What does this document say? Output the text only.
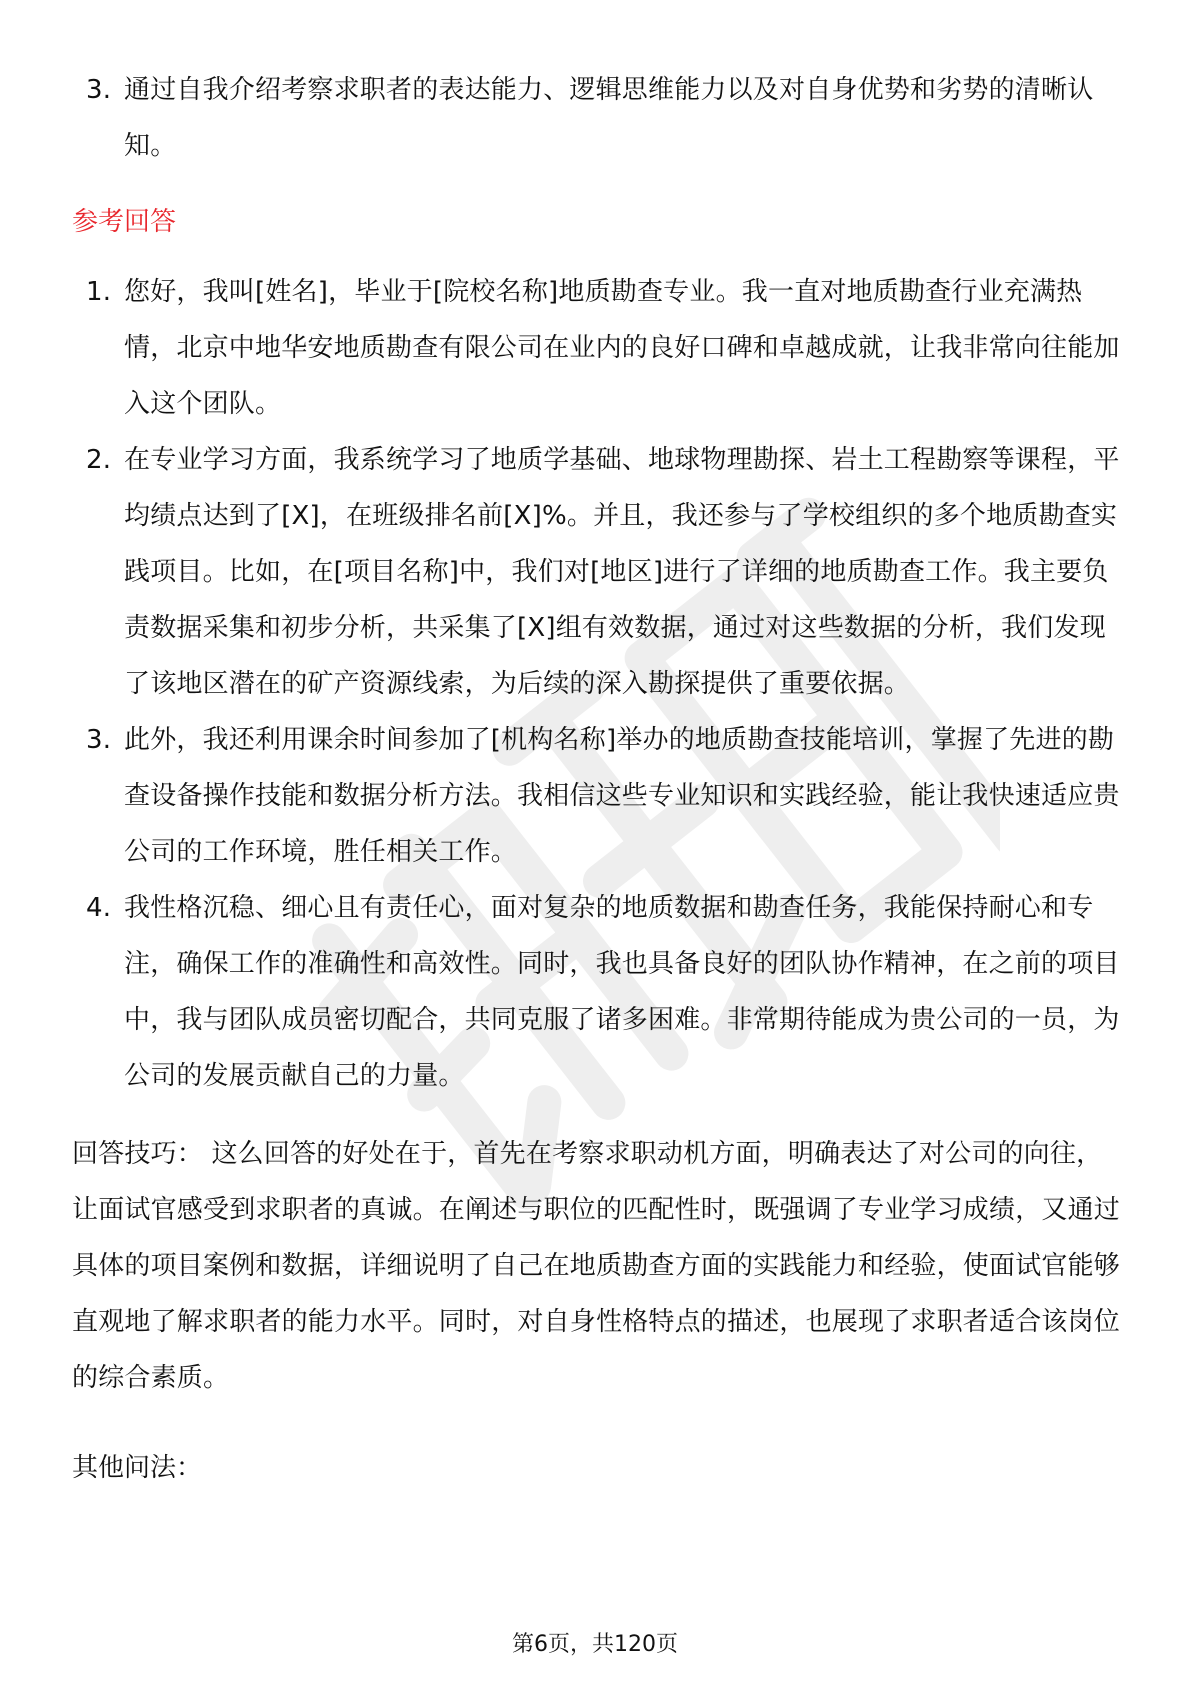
3. 通过自我介绍考察求职者的表达能力、逻辑思维能力以及对自身优势和劣势的清晰认知。
参考回答
1. 您好，我叫[姓名]，毕业于[院校名称]地质勘查专业。我一直对地质勘查行业充满热情，北京中地华安地质勘查有限公司在业内的良好口碑和卓越成就，让我非常向往能加入这个团队。
2. 在专业学习方面，我系统学习了地质学基础、地球物理勘探、岩土工程勘察等课程，平均绩点达到了[X]，在班级排名前[X]%。并且，我还参与了学校组织的多个地质勘查实践项目。比如，在[项目名称]中，我们对[地区]进行了详细的地质勘查工作。我主要负责数据采集和初步分析，共采集了[X]组有效数据，通过对这些数据的分析，我们发现了该地区潜在的矿产资源线索，为后续的深入勘探提供了重要依据。
3. 此外，我还利用课余时间参加了[机构名称]举办的地质勘查技能培训，掌握了先进的勘查设备操作技能和数据分析方法。我相信这些专业知识和实践经验，能让我快速适应贵公司的工作环境，胜任相关工作。
4. 我性格沉稳、细心且有责任心，面对复杂的地质数据和勘查任务，我能保持耐心和专注，确保工作的准确性和高效性。同时，我也具备良好的团队协作精神，在之前的项目中，我与团队成员密切配合，共同克服了诸多困难。非常期待能成为贵公司的一员，为公司的发展贡献自己的力量。

回答技巧： 这么回答的好处在于，首先在考察求职动机方面，明确表达了对公司的向往，让面试官感受到求职者的真诚。在阐述与职位的匹配性时，既强调了专业学习成绩，又通过具体的项目案例和数据，详细说明了自己在地质勘查方面的实践能力和经验，使面试官能够直观地了解求职者的能力水平。同时，对自身性格特点的描述，也展现了求职者适合该岗位的综合素质。

其他问法：
第6页，共120页
